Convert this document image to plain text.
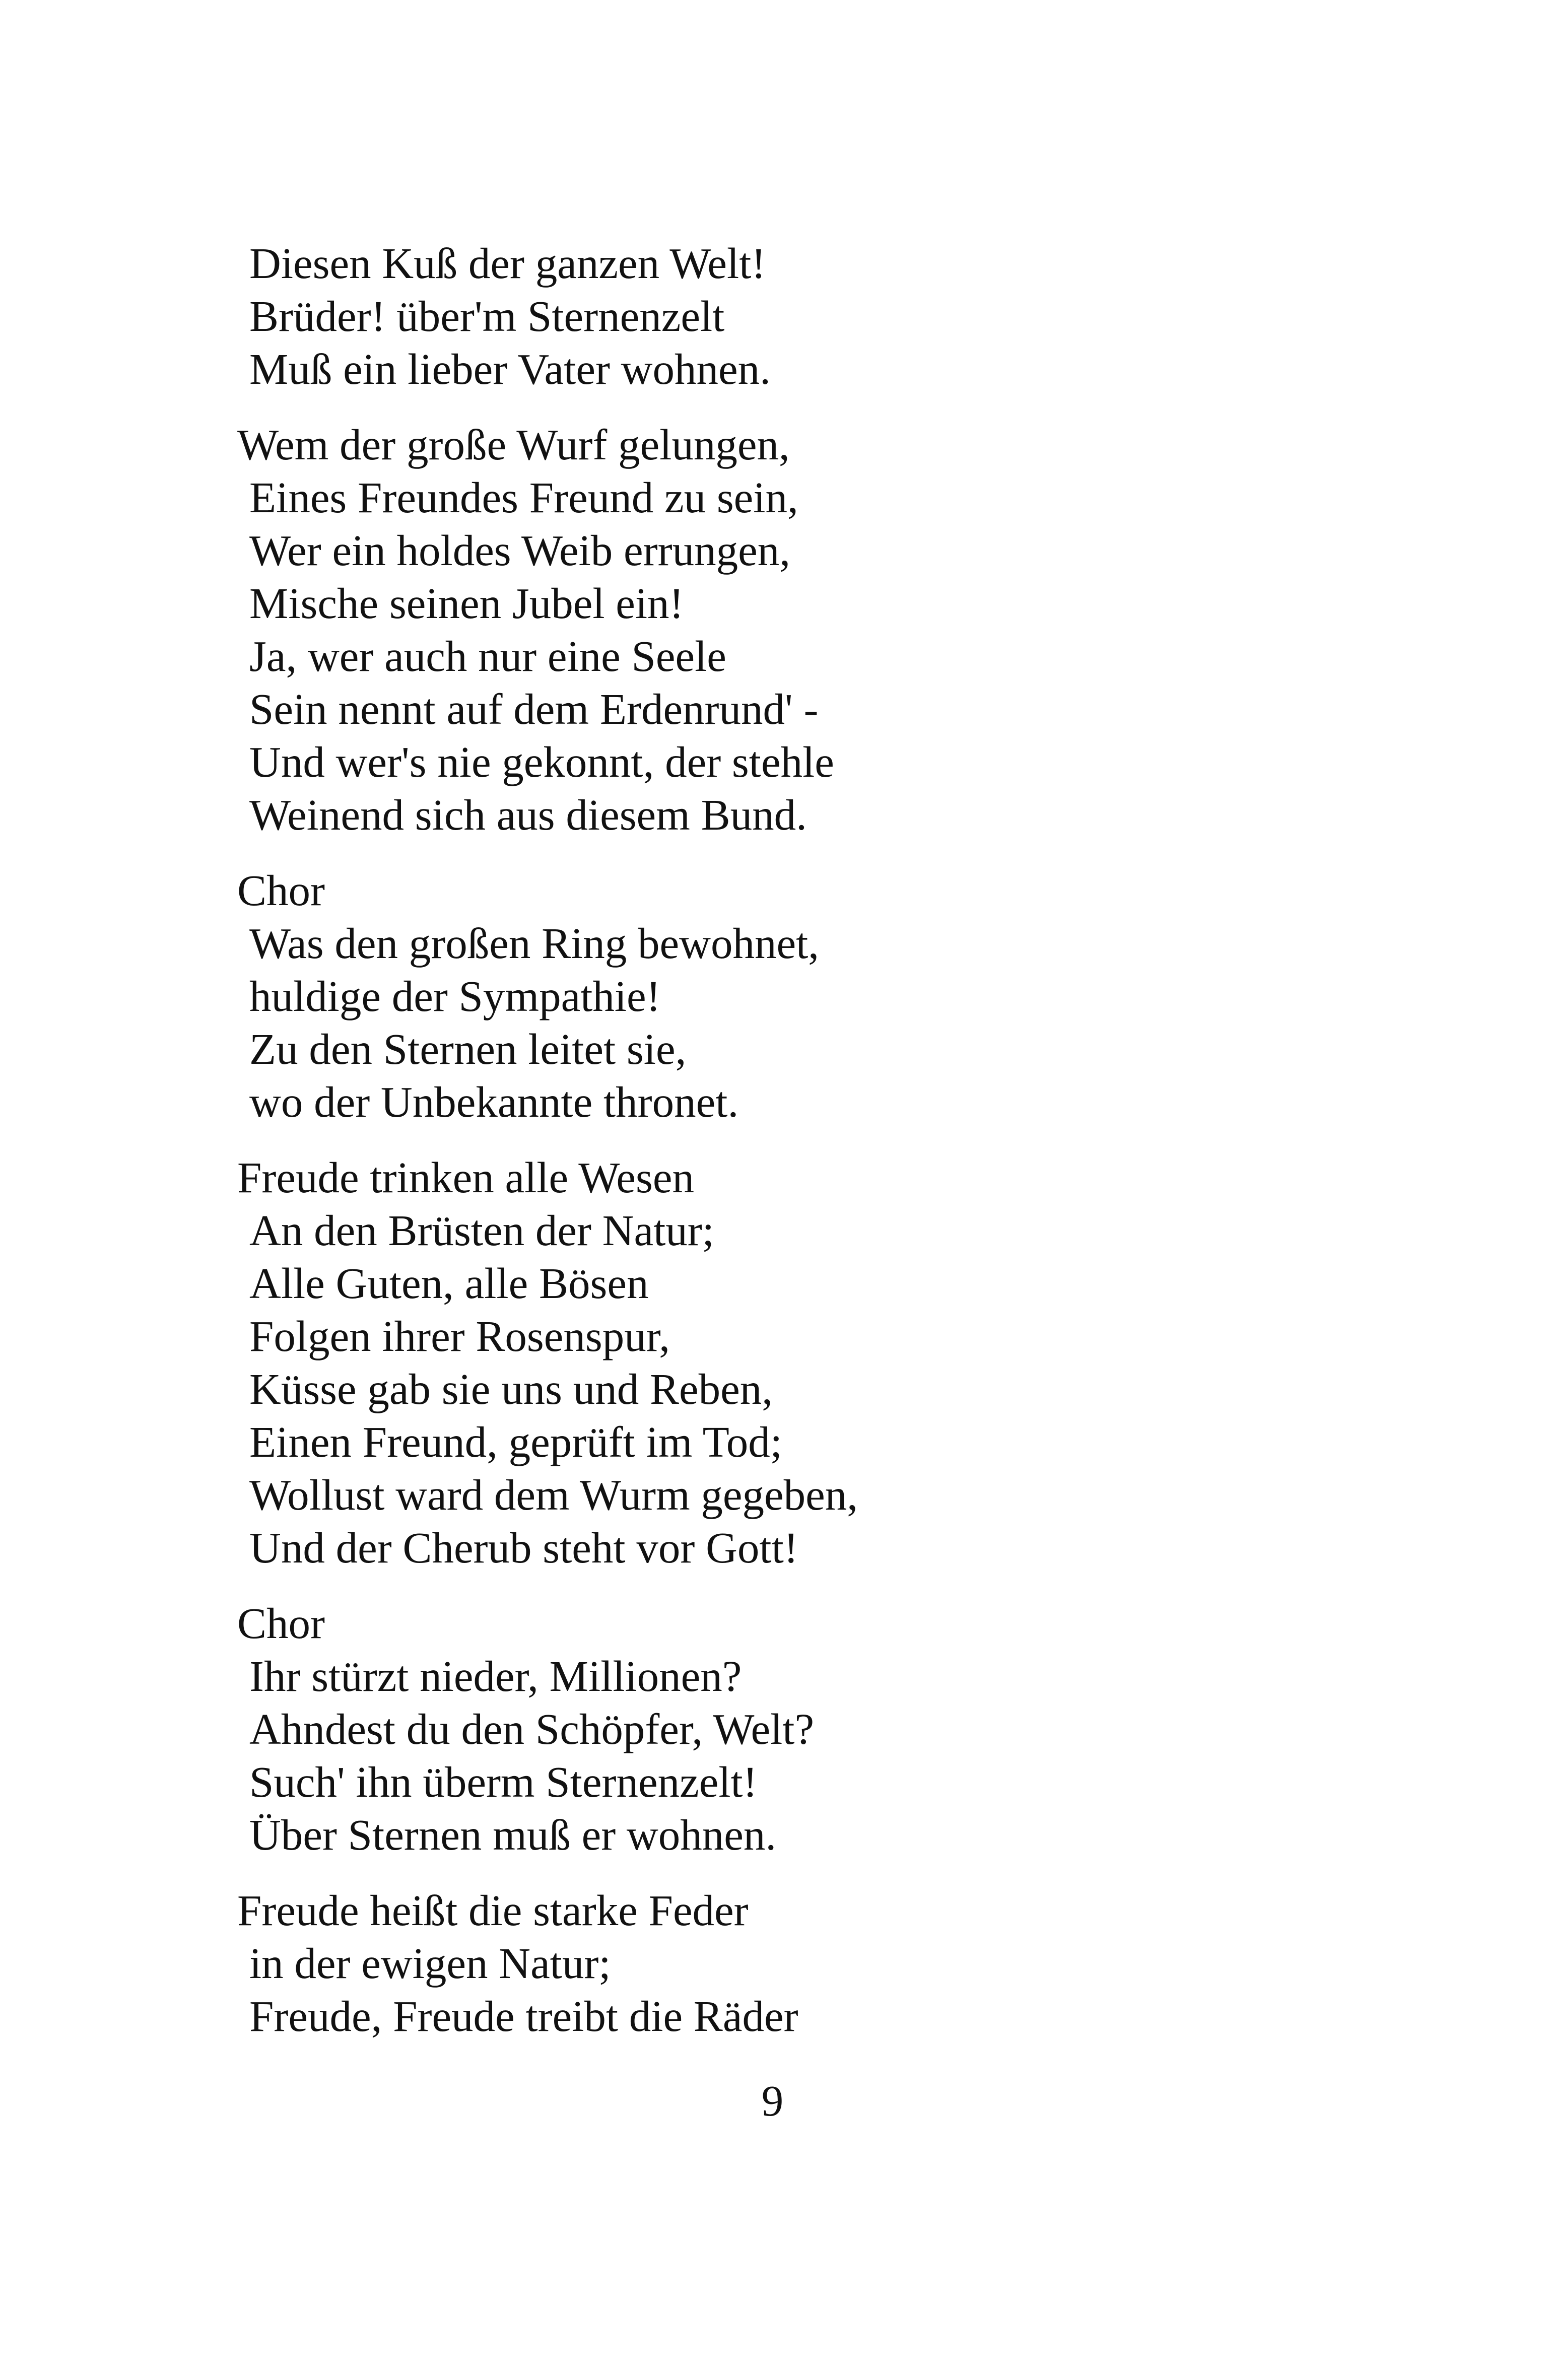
Diesen Kuß der ganzen Welt!
Brüder! über'm Sternenzelt
Muß ein lieber Vater wohnen.
Wem der große Wurf gelungen,
Eines Freundes Freund zu sein,
Wer ein holdes Weib errungen,
Mische seinen Jubel ein!
Ja, wer auch nur eine Seele
Sein nennt auf dem Erdenrund' -
Und wer's nie gekonnt, der stehle
Weinend sich aus diesem Bund.
Chor
Was den großen Ring bewohnet,
huldige der Sympathie!
Zu den Sternen leitet sie,
wo der Unbekannte thronet.
Freude trinken alle Wesen
An den Brüsten der Natur;
Alle Guten, alle Bösen
Folgen ihrer Rosenspur,
Küsse gab sie uns und Reben,
Einen Freund, geprüft im Tod;
Wollust ward dem Wurm gegeben,
Und der Cherub steht vor Gott!
Chor
Ihr stürzt nieder, Millionen?
Ahndest du den Schöpfer, Welt?
Such' ihn überm Sternenzelt!
Über Sternen muß er wohnen.
Freude heißt die starke Feder
in der ewigen Natur;
Freude, Freude treibt die Räder
9
